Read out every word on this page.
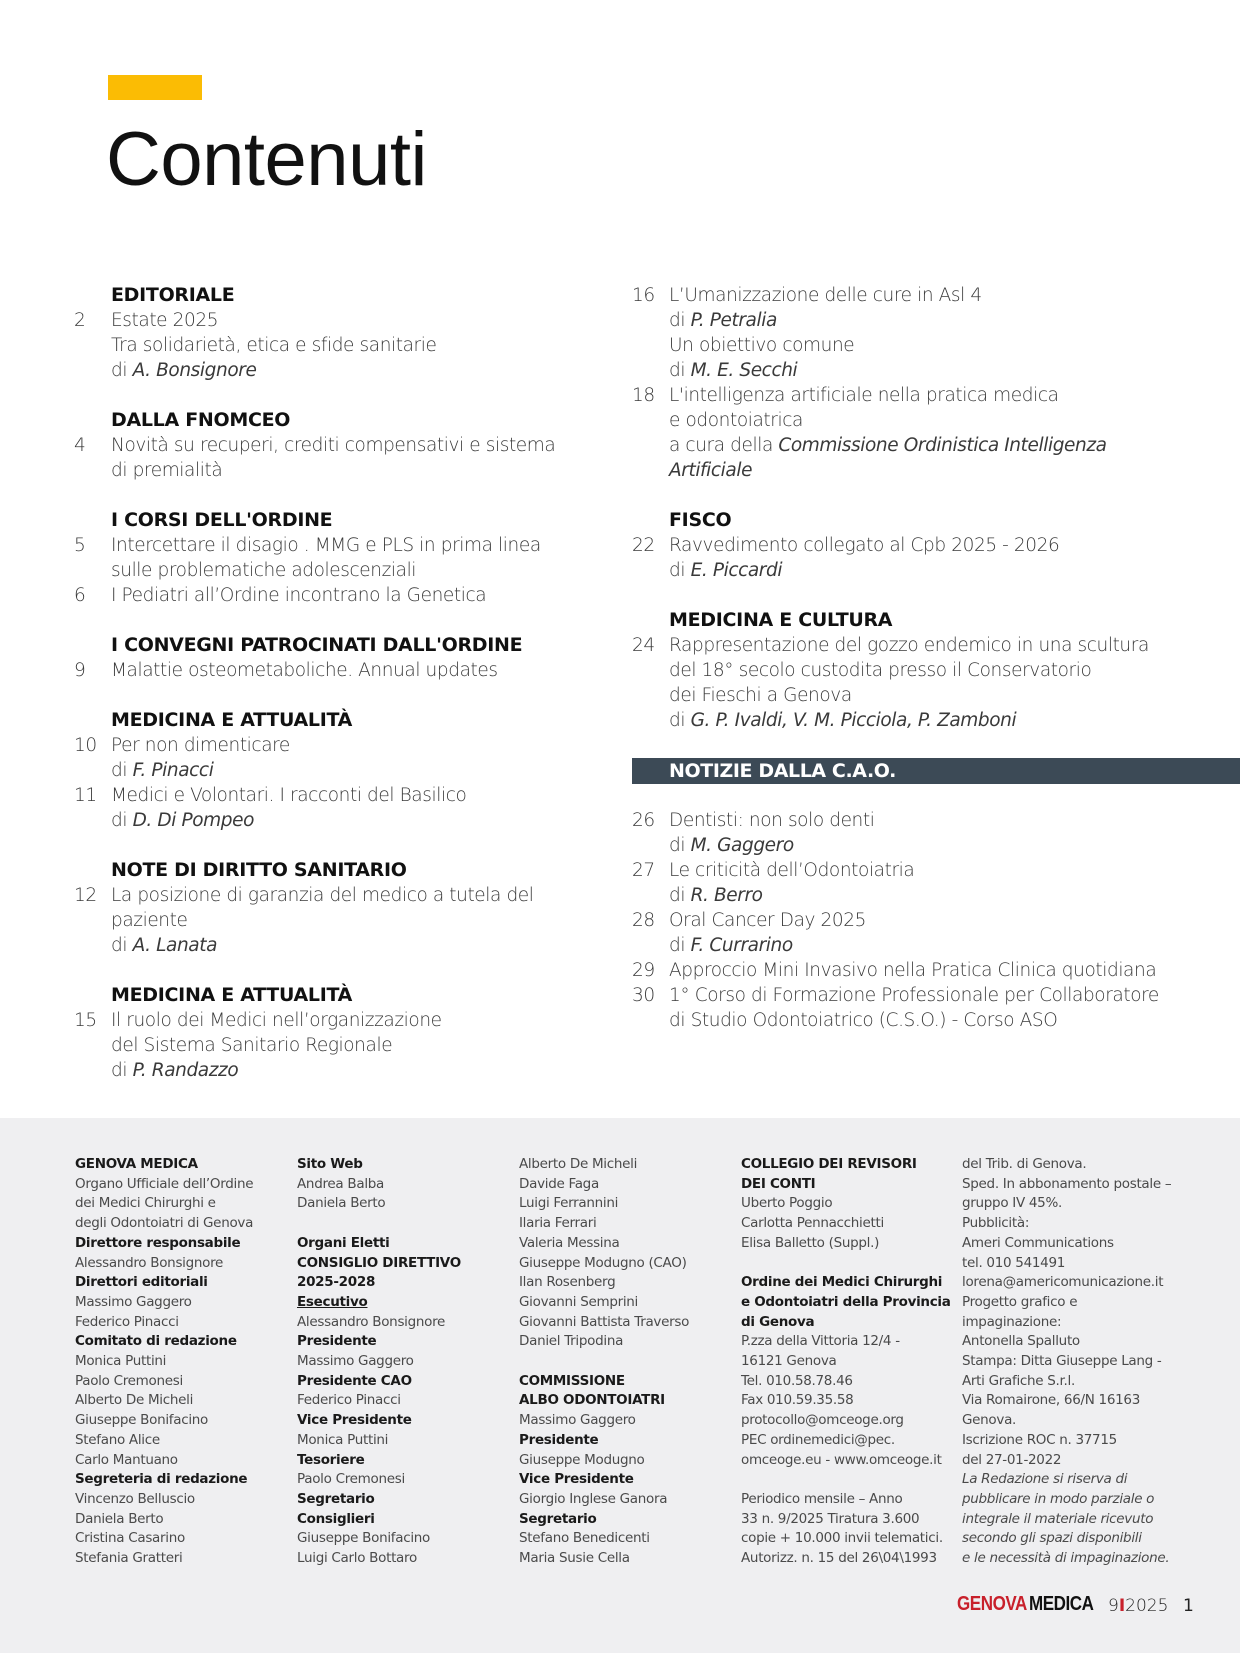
Contenuti
EDITORIALE
2	Estate 2025
Tra solidarietà, etica e sfide sanitarie
di A. Bonsignore
DALLA FNOMCEO
4	Novità su recuperi, crediti compensativi e sistema
di premialità
I CORSI DELL'ORDINE
5	Intercettare il disagio . MMG e PLS in prima linea
sulle problematiche adolescenziali
6	I Pediatri all’Ordine incontrano la Genetica
I CONVEGNI PATROCINATI DALL'ORDINE
9	Malattie osteometaboliche. Annual updates
MEDICINA E ATTUALITÀ
10 Per non dimenticare
di F. Pinacci
11 Medici e Volontari. I racconti del Basilico
di D. Di Pompeo
NOTE DI DIRITTO SANITARIO
12 La posizione di garanzia del medico a tutela del paziente
di A. Lanata
MEDICINA E ATTUALITÀ
15 Il ruolo dei Medici nell’organizzazione
del Sistema Sanitario Regionale
di P. Randazzo
16 L’Umanizzazione delle cure in Asl 4
di P. Petralia
Un obiettivo comune
di M. E. Secchi
18 L'intelligenza artificiale nella pratica medica
e odontoiatrica
a cura della Commissione Ordinistica Intelligenza
Artificiale
FISCO
22 Ravvedimento collegato al Cpb 2025 - 2026
di E. Piccardi
MEDICINA E CULTURA
24 Rappresentazione del gozzo endemico in una scultura
del 18° secolo custodita presso il Conservatorio
dei Fieschi a Genova
di G. P. Ivaldi, V. M. Picciola, P. Zamboni
NOTIZIE DALLA C.A.O.
26 Dentisti: non solo denti
di M. Gaggero
27 Le criticità dell’Odontoiatria
di R. Berro
28 Oral Cancer Day 2025
di F. Currarino
29 Approccio Mini Invasivo nella Pratica Clinica quotidiana
30 1° Corso di Formazione Professionale per Collaboratore
di Studio Odontoiatrico (C.S.O.) - Corso ASO
GENOVA MEDICA
Organo Ufficiale dell’Ordine
dei Medici Chirurghi e
degli Odontoiatri di Genova
Direttore responsabile
Alessandro Bonsignore
Direttori editoriali
Massimo Gaggero
Federico Pinacci
Comitato di redazione
Monica Puttini
Paolo Cremonesi
Alberto De Micheli
Giuseppe Bonifacino
Stefano Alice
Carlo Mantuano
Segreteria di redazione
Vincenzo Belluscio
Daniela Berto
Cristina Casarino
Stefania Gratteri
Sito Web
Andrea Balba
Daniela Berto
Organi Eletti
CONSIGLIO DIRETTIVO
2025-2028
Esecutivo
Alessandro Bonsignore
Presidente
Massimo Gaggero
Presidente CAO
Federico Pinacci
Vice Presidente
Monica Puttini
Tesoriere
Paolo Cremonesi
Segretario
Consiglieri
Giuseppe Bonifacino
Luigi Carlo Bottaro
Alberto De Micheli
Davide Faga
Luigi Ferrannini
Ilaria Ferrari
Valeria Messina
Giuseppe Modugno (CAO)
Ilan Rosenberg
Giovanni Semprini
Giovanni Battista Traverso
Daniel Tripodina
COMMISSIONE
ALBO ODONTOIATRI
Massimo Gaggero
Presidente
Giuseppe Modugno
Vice Presidente
Giorgio Inglese Ganora
Segretario
Stefano Benedicenti
Maria Susie Cella
COLLEGIO DEI REVISORI
DEI CONTI
Uberto Poggio
Carlotta Pennacchietti
Elisa Balletto (Suppl.)
Ordine dei Medici Chirurghi
e Odontoiatri della Provincia
di Genova
P.zza della Vittoria 12/4 -
16121 Genova
Tel. 010.58.78.46
Fax 010.59.35.58
protocollo@omceoge.org
PEC ordinemedici@pec.
omceoge.eu - www.omceoge.it
Periodico mensile – Anno
33 n. 9/2025 Tiratura 3.600
copie + 10.000 invii telematici.
Autorizz. n. 15 del 26\04\1993
del Trib. di Genova.
Sped. In abbonamento postale –
gruppo IV 45%.
Pubblicità:
Ameri Communications
tel. 010 541491
lorena@americomunicazione.it
Progetto grafico e
impaginazione:
Antonella Spalluto
Stampa: Ditta Giuseppe Lang -
Arti Grafiche S.r.l.
Via Romairone, 66/N 16163
Genova.
Iscrizione ROC n. 37715
del 27-01-2022
La Redazione si riserva di
pubblicare in modo parziale o
integrale il materiale ricevuto
secondo gli spazi disponibili
e le necessità di impaginazione.
GENOVA MEDICA 9I2025 1
